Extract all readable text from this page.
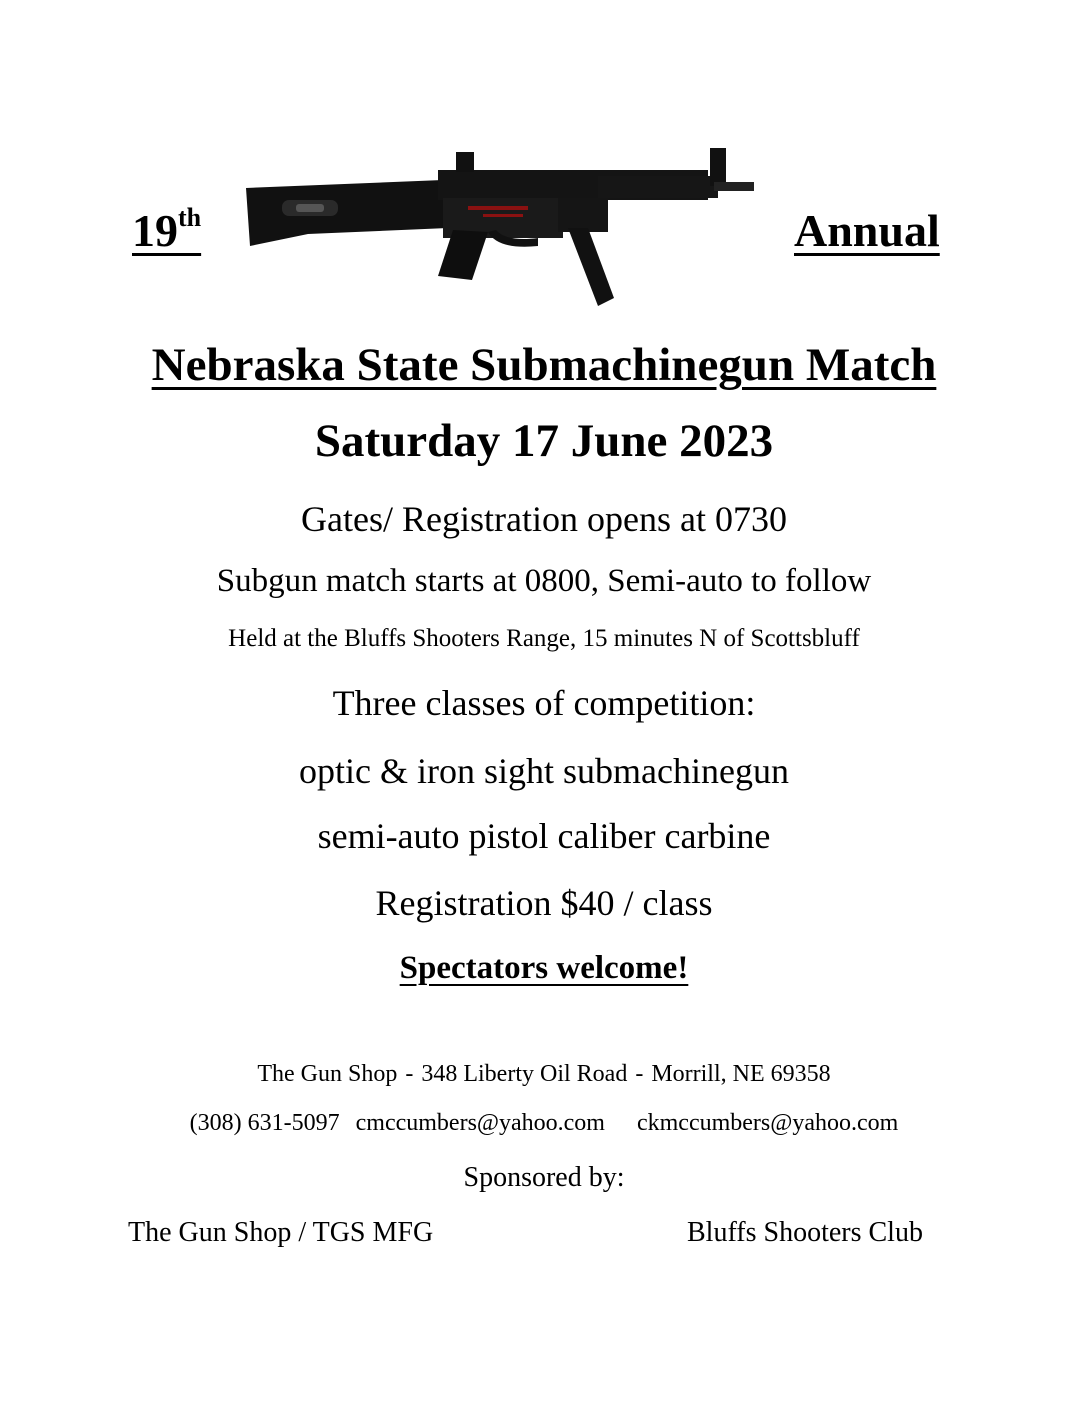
19th	Annual
Nebraska State Submachinegun Match
Saturday 17 June 2023
Gates/ Registration opens at 0730
Subgun match starts at 0800, Semi-auto to follow
Held at the Bluffs Shooters Range, 15 minutes N of Scottsbluff
Three classes of competition:
optic & iron sight submachinegun
semi-auto pistol caliber carbine
Registration $40 / class
Spectators welcome!
The Gun Shop - 348 Liberty Oil Road - Morrill, NE 69358
(308) 631-5097 cmccumbers@yahoo.com ckmccumbers@yahoo.com
Sponsored by:
The Gun Shop / TGS MFG	Bluffs Shooters Club
